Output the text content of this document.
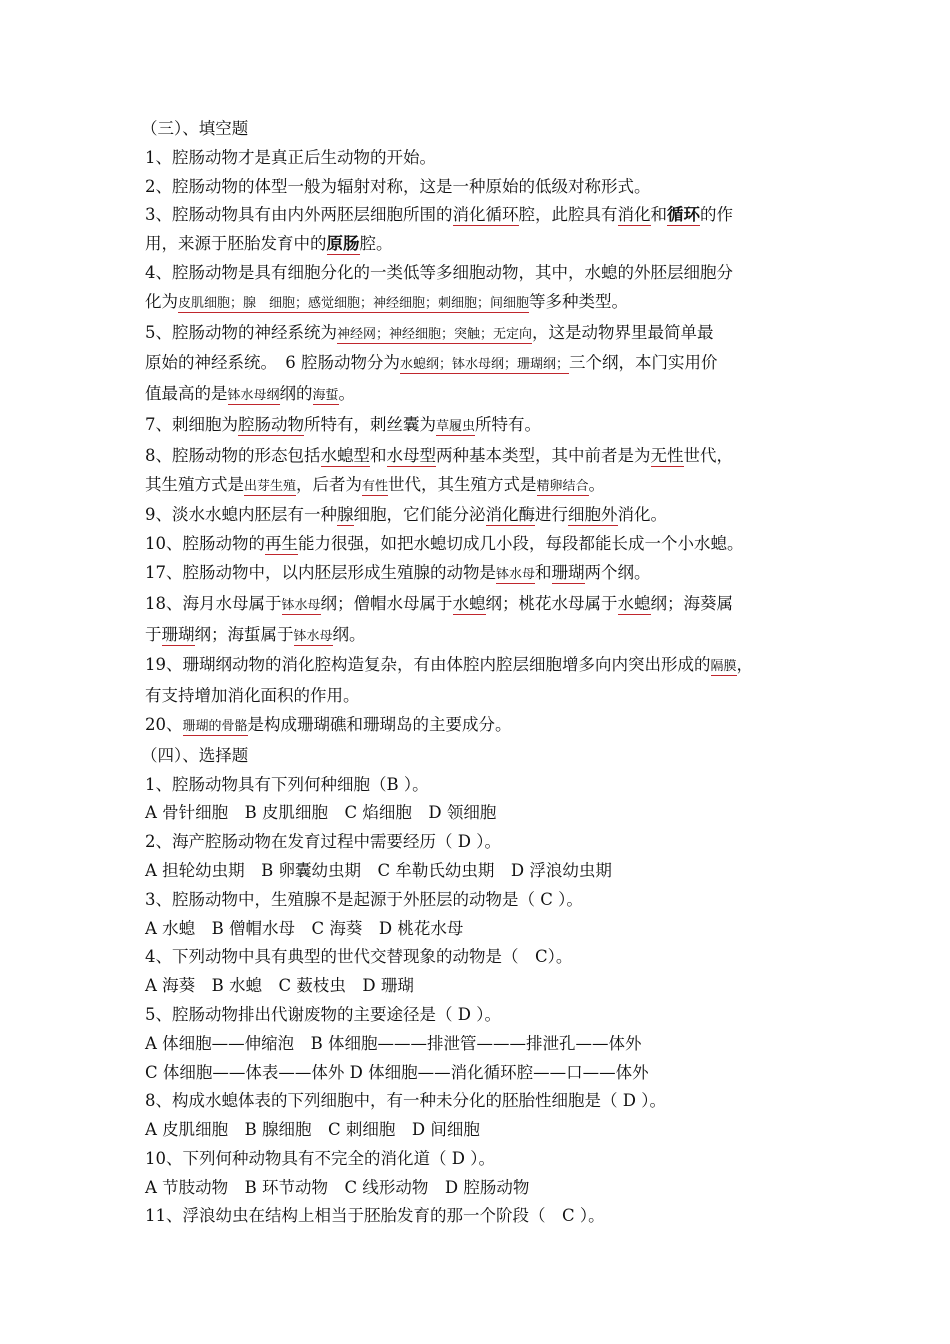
（三）、填空题
1、腔肠动物才是真正后生动物的开始。
2、腔肠动物的体型一般为辐射对称，这是一种原始的低级对称形式。
3、腔肠动物具有由内外两胚层细胞所围的消化循环腔，此腔具有消化和循环的作
用，来源于胚胎发育中的原肠腔。
4、腔肠动物是具有细胞分化的一类低等多细胞动物，其中，水螅的外胚层细胞分
化为皮肌细胞；腺　细胞；感觉细胞；神经细胞；刺细胞；间细胞等多种类型。
5、腔肠动物的神经系统为神经网；神经细胞；突触；无定向，这是动物界里最简单最
原始的神经系统。　6 腔肠动物分为水螅纲；钵水母纲；珊瑚纲；三个纲，本门实用价
值最高的是钵水母纲纲的海蜇。
7、刺细胞为腔肠动物所特有，刺丝囊为草履虫所特有。
8、腔肠动物的形态包括水螅型和水母型两种基本类型，其中前者是为无性世代，
其生殖方式是出芽生殖，后者为有性世代，其生殖方式是精卵结合。
9、淡水水螅内胚层有一种腺细胞，它们能分泌消化酶进行细胞外消化。
10、腔肠动物的再生能力很强，如把水螅切成几小段，每段都能长成一个小水螅。
17、腔肠动物中，以内胚层形成生殖腺的动物是钵水母和珊瑚两个纲。
18、海月水母属于钵水母纲；僧帽水母属于水螅纲；桃花水母属于水螅纲；海葵属
于珊瑚纲；海蜇属于钵水母纲。
19、珊瑚纲动物的消化腔构造复杂，有由体腔内腔层细胞增多向内突出形成的隔膜，
有支持增加消化面积的作用。
20、珊瑚的骨骼是构成珊瑚礁和珊瑚岛的主要成分。
（四）、选择题
1、腔肠动物具有下列何种细胞（B ）。
A 骨针细胞　B 皮肌细胞　C 焰细胞　D 领细胞
2、海产腔肠动物在发育过程中需要经历（ D ）。
A 担轮幼虫期　B 卵囊幼虫期　C 牟勒氏幼虫期　D 浮浪幼虫期
3、腔肠动物中，生殖腺不是起源于外胚层的动物是（ C ）。
A 水螅　B 僧帽水母　C 海葵　D 桃花水母
4、下列动物中具有典型的世代交替现象的动物是（　C）。
A 海葵　B 水螅　C 薮枝虫　D 珊瑚
5、腔肠动物排出代谢废物的主要途径是（ D ）。
A 体细胞——伸缩泡　B 体细胞———排泄管———排泄孔——体外
C 体细胞——体表——体外 D 体细胞——消化循环腔——口——体外
8、构成水螅体表的下列细胞中，有一种未分化的胚胎性细胞是（ D ）。
A 皮肌细胞　B 腺细胞　C 刺细胞　D 间细胞
10、下列何种动物具有不完全的消化道（ D ）。
A 节肢动物　B 环节动物　C 线形动物　D 腔肠动物
11、浮浪幼虫在结构上相当于胚胎发育的那一个阶段（　C ）。
